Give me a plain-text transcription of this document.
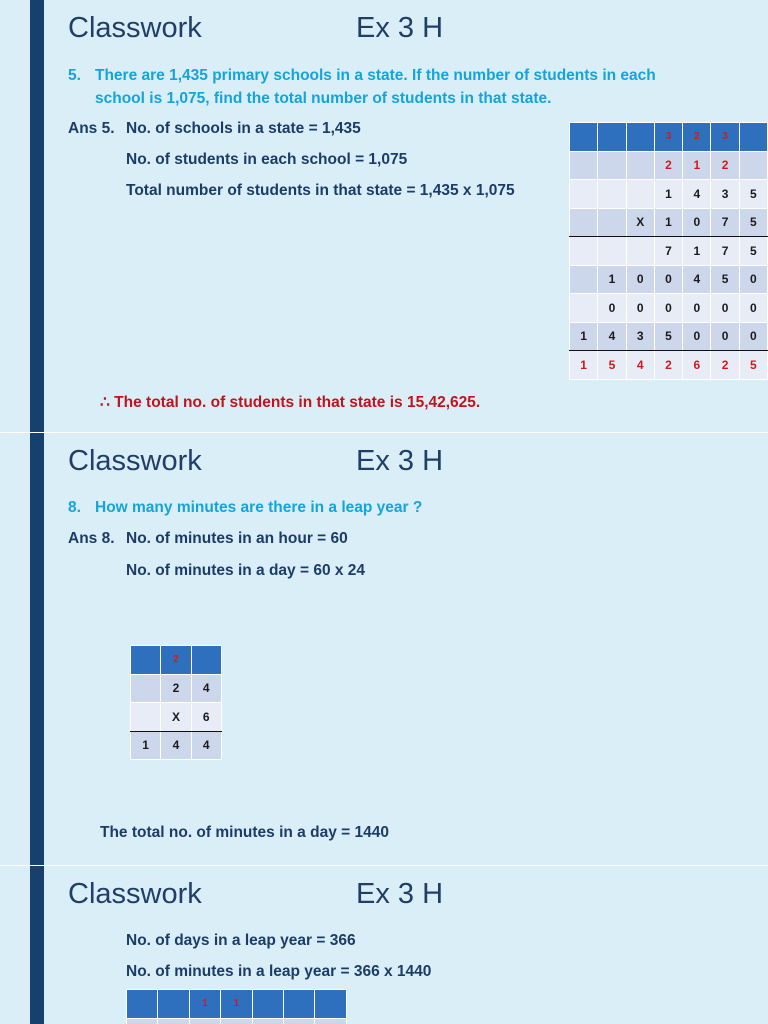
Classwork	Ex 3 H
5. There are 1,435 primary schools in a state. If the number of students in each
school is 1,075, find the total number of students in that state.
Ans 5. No. of schools in a state = 1,435
No. of students in each school = 1,075
Total number of students in that state = 1,435 x 1,075
			3	2	3	
			2	1	2	
			1	4	3	5
		X	1	0	7	5
			7	1	7	5
	1	0	0	4	5	0
	0	0	0	0	0	0
1	4	3	5	0	0	0
1	5	4	2	6	2	5
∴ The total no. of students in that state is 15,42,625.
Classwork	Ex 3 H
8. How many minutes are there in a leap year ?
Ans 8. No. of minutes in an hour = 60
No. of minutes in a day = 60 x 24
	2	
	2	4
	X	6
1	4	4
The total no. of minutes in a day = 1440
Classwork	Ex 3 H
No. of days in a leap year = 366
No. of minutes in a leap year = 366 x 1440
		1	1			
